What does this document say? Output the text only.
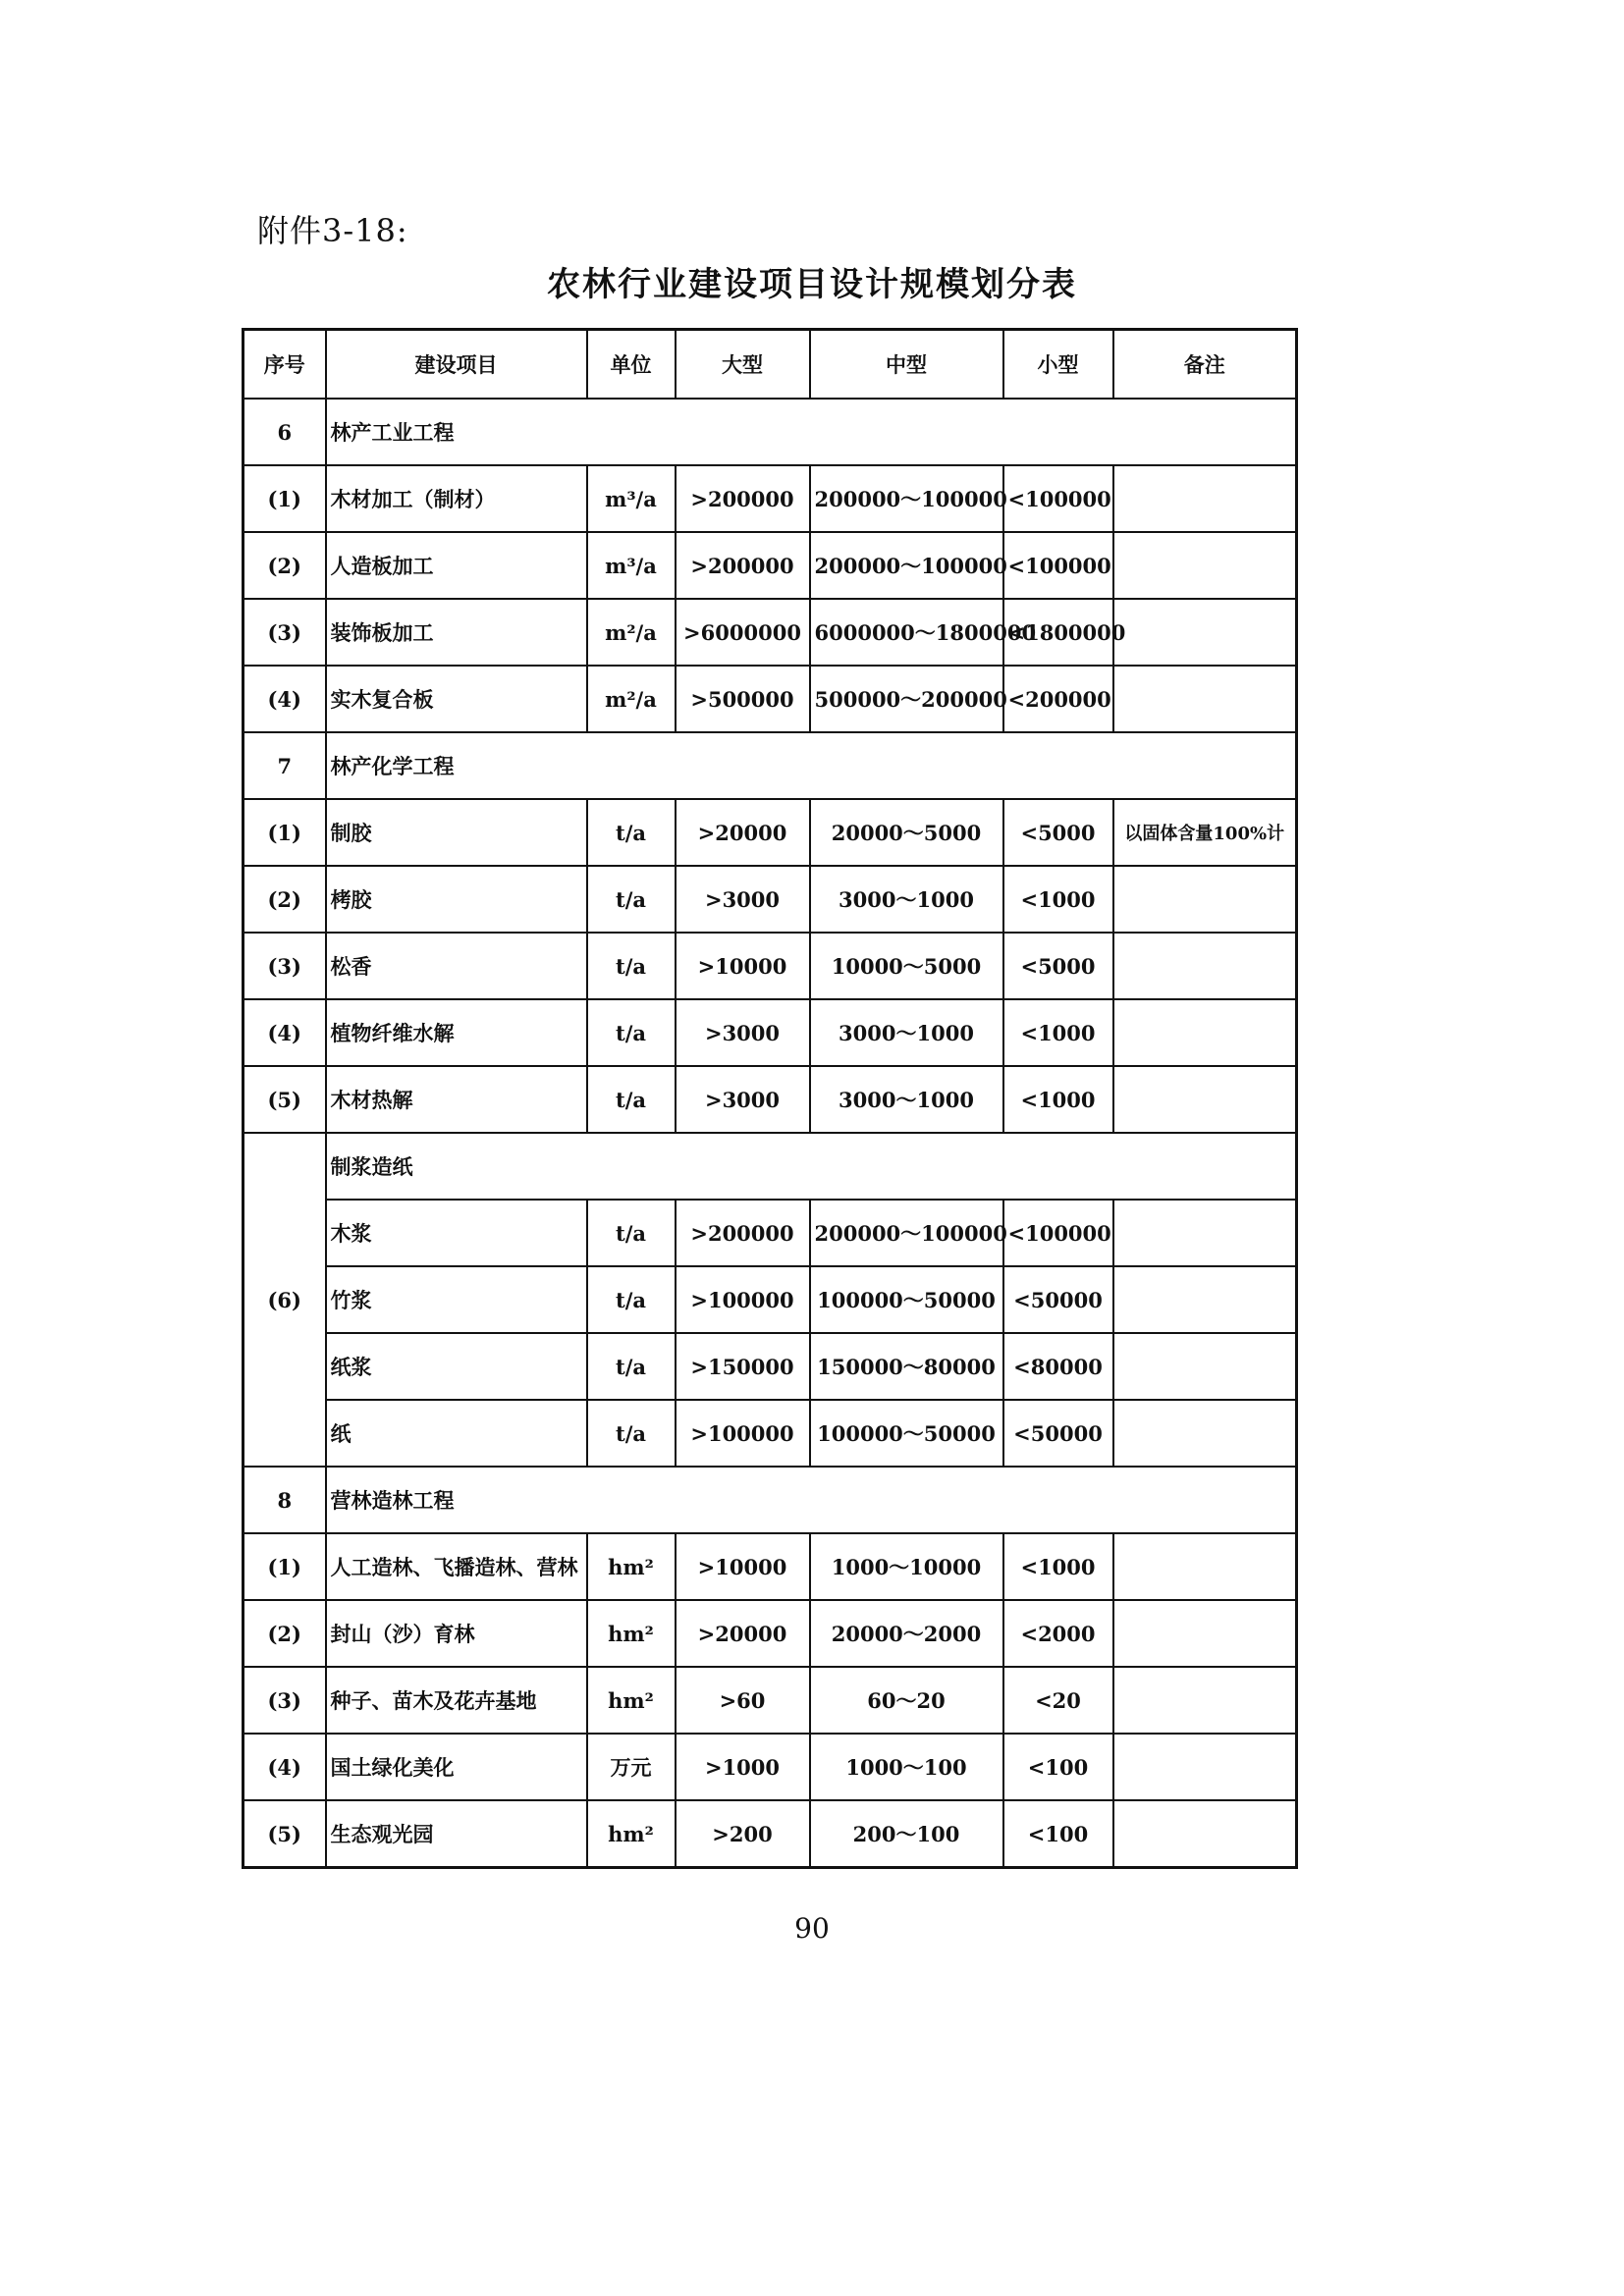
附件3-18:
农林行业建设项目设计规模划分表
序号	建设项目	单位	大型	中型	小型	备注
6	林产工业工程					
(1)	木材加工（制材）	m³/a	>200000	200000～100000	<100000	
(2)	人造板加工	m³/a	>200000	200000～100000	<100000	
(3)	装饰板加工	m²/a	>6000000	6000000～1800000	<1800000	
(4)	实木复合板	m²/a	>500000	500000～200000	<200000	
7	林产化学工程					
(1)	制胶	t/a	>20000	20000～5000	<5000	以固体含量100%计
(2)	栲胶	t/a	>3000	3000～1000	<1000	
(3)	松香	t/a	>10000	10000～5000	<5000	
(4)	植物纤维水解	t/a	>3000	3000～1000	<1000	
(5)	木材热解	t/a	>3000	3000～1000	<1000	
(6)	制浆造纸					
	木浆	t/a	>200000	200000～100000	<100000	
	竹浆	t/a	>100000	100000～50000	<50000	
	纸浆	t/a	>150000	150000～80000	<80000	
	纸	t/a	>100000	100000～50000	<50000	
8	营林造林工程					
(1)	人工造林、飞播造林、营林	hm²	>10000	1000～10000	<1000	
(2)	封山（沙）育林	hm²	>20000	20000～2000	<2000	
(3)	种子、苗木及花卉基地	hm²	>60	60～20	<20	
(4)	国土绿化美化	万元	>1000	1000～100	<100	
(5)	生态观光园	hm²	>200	200～100	<100	
90
